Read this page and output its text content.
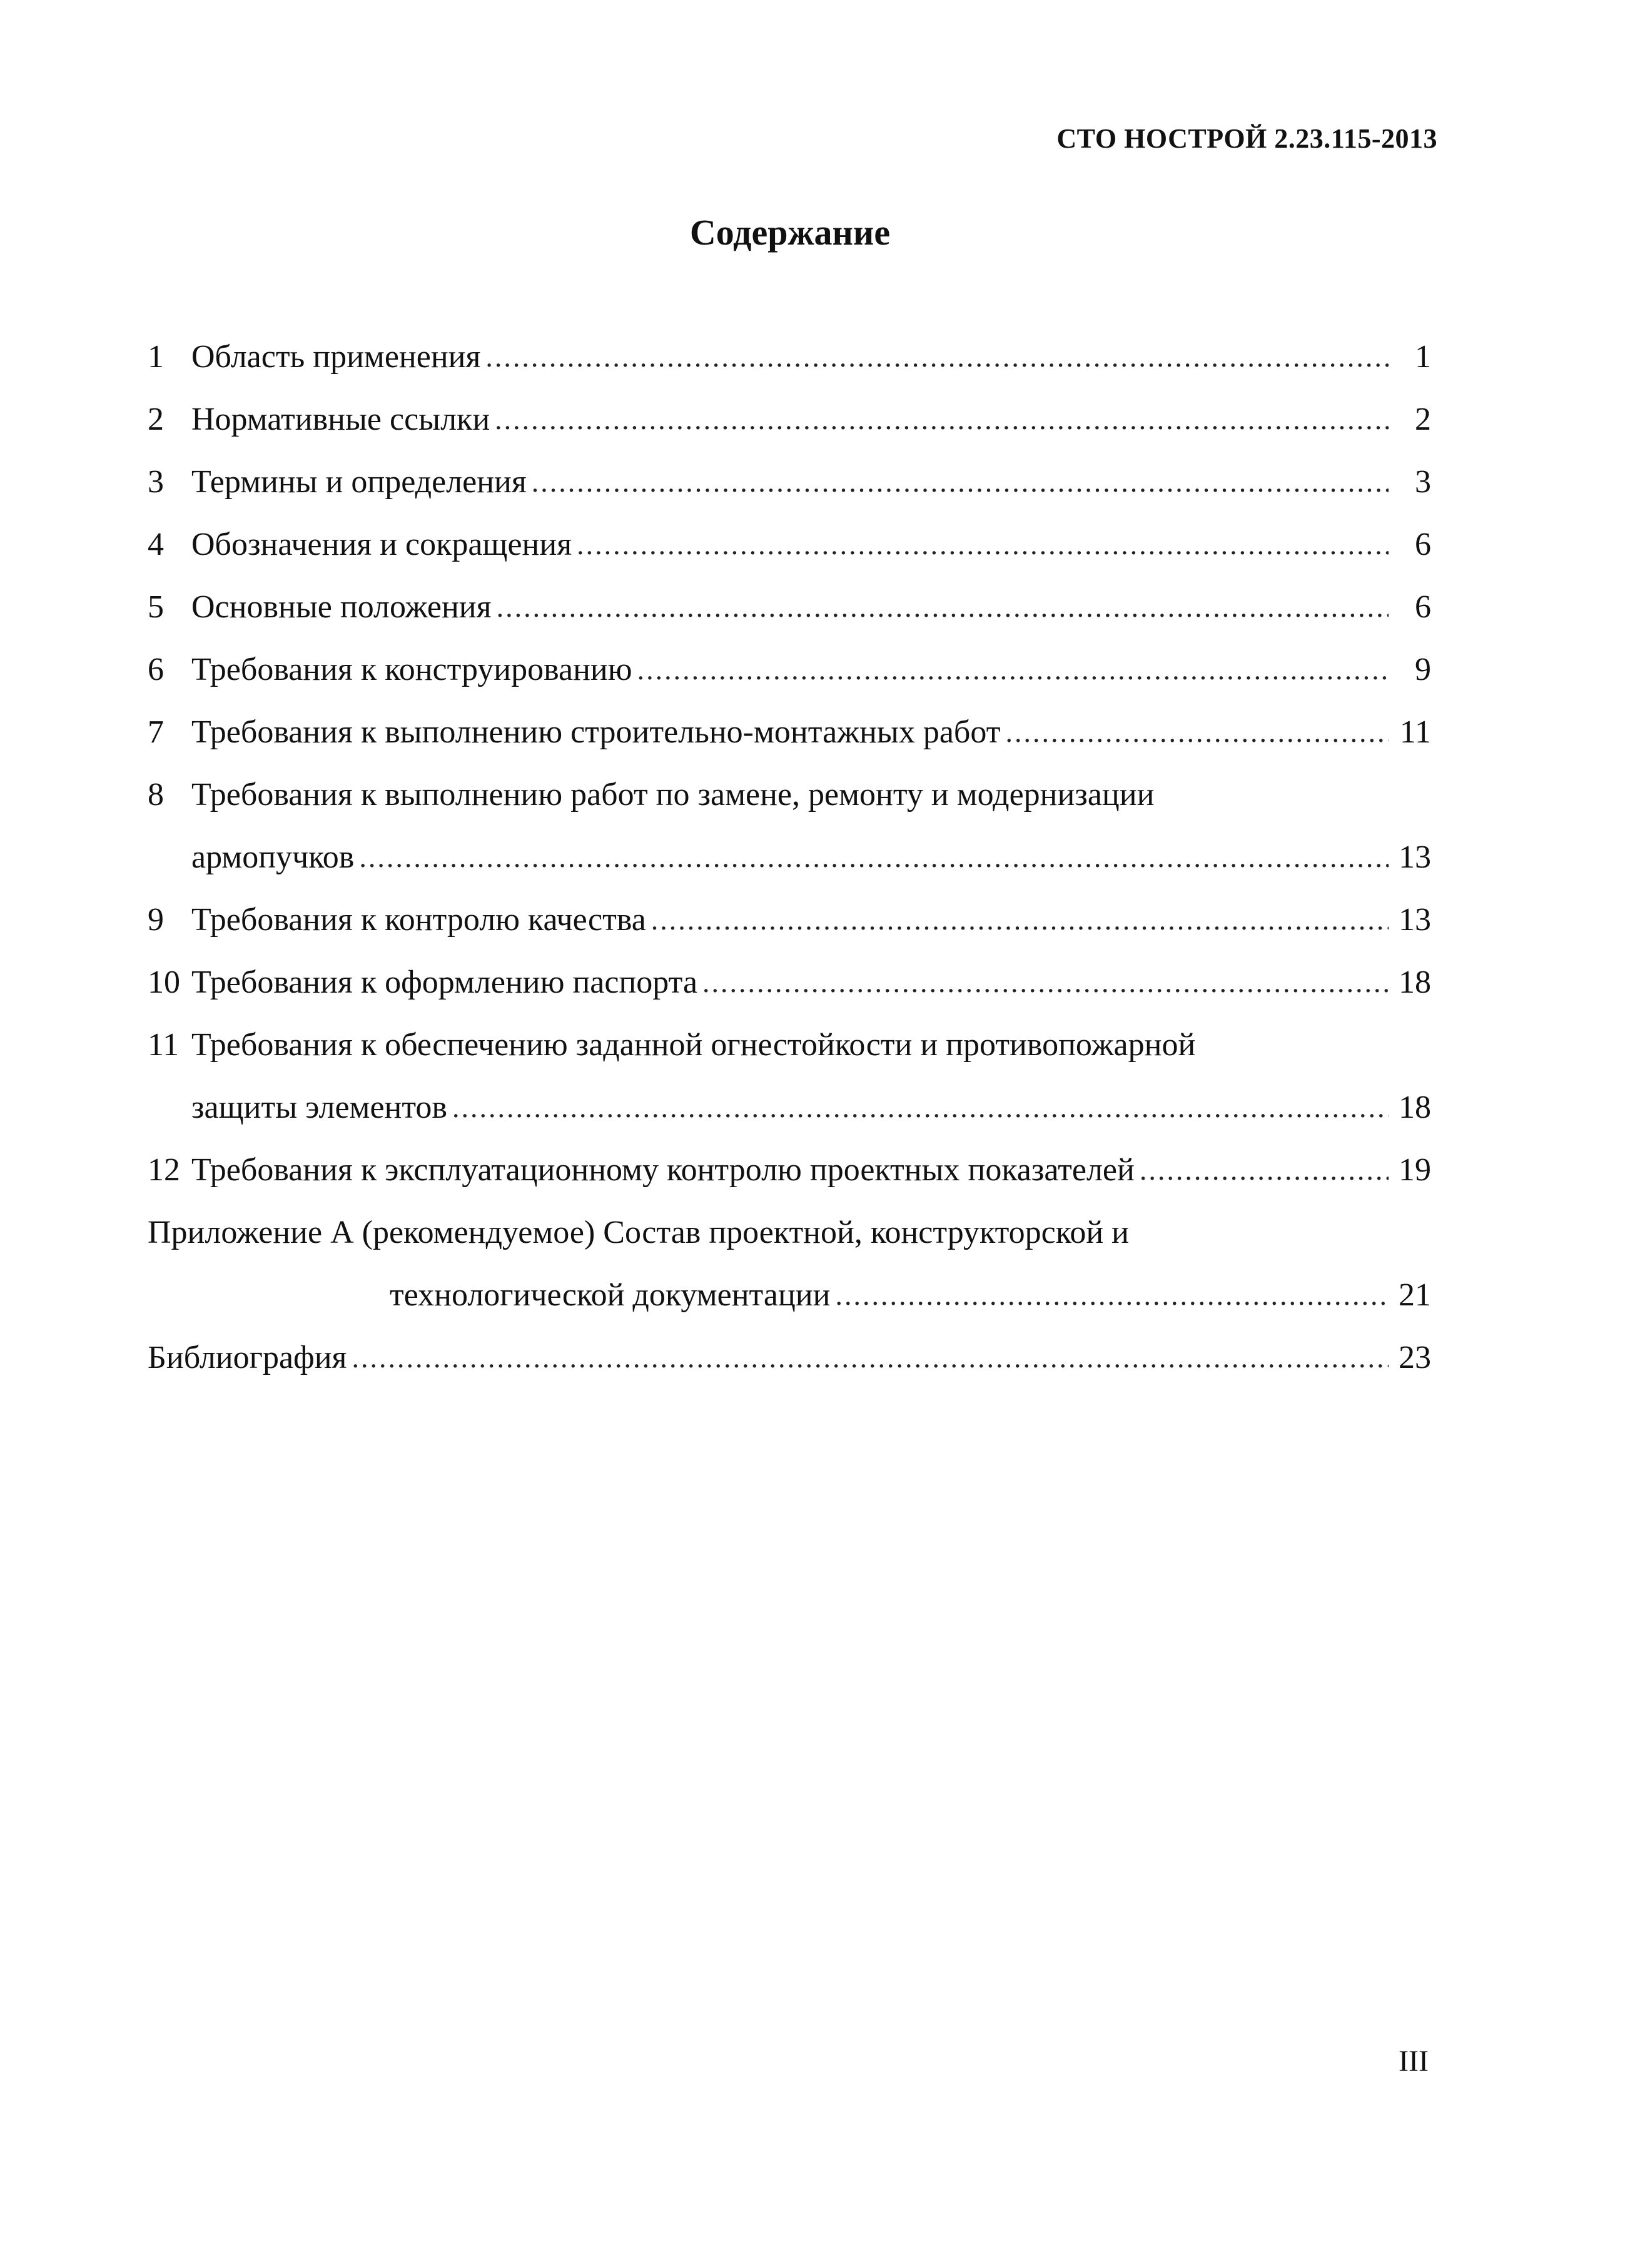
СТО НОСТРОЙ 2.23.115-2013
Содержание
1 Область применения .....	1
2 Нормативные ссылки .....	2
3 Термины и определения .....	3
4 Обозначения и сокращения .....	6
5 Основные положения .....	6
6 Требования к конструированию .....	9
7 Требования к выполнению строительно-монтажных работ .....	11
8 Требования к выполнению работ по замене, ремонту и модернизации
армопучков .....	13
9 Требования к контролю качества .....	13
10 Требования к оформлению паспорта .....	18
11 Требования к обеспечению заданной огнестойкости и противопожарной
защиты элементов .....	18
12 Требования к эксплуатационному контролю проектных показателей .....	19
Приложение А (рекомендуемое) Состав проектной, конструкторской и
технологической документации .....	21
Библиография .....	23
III
